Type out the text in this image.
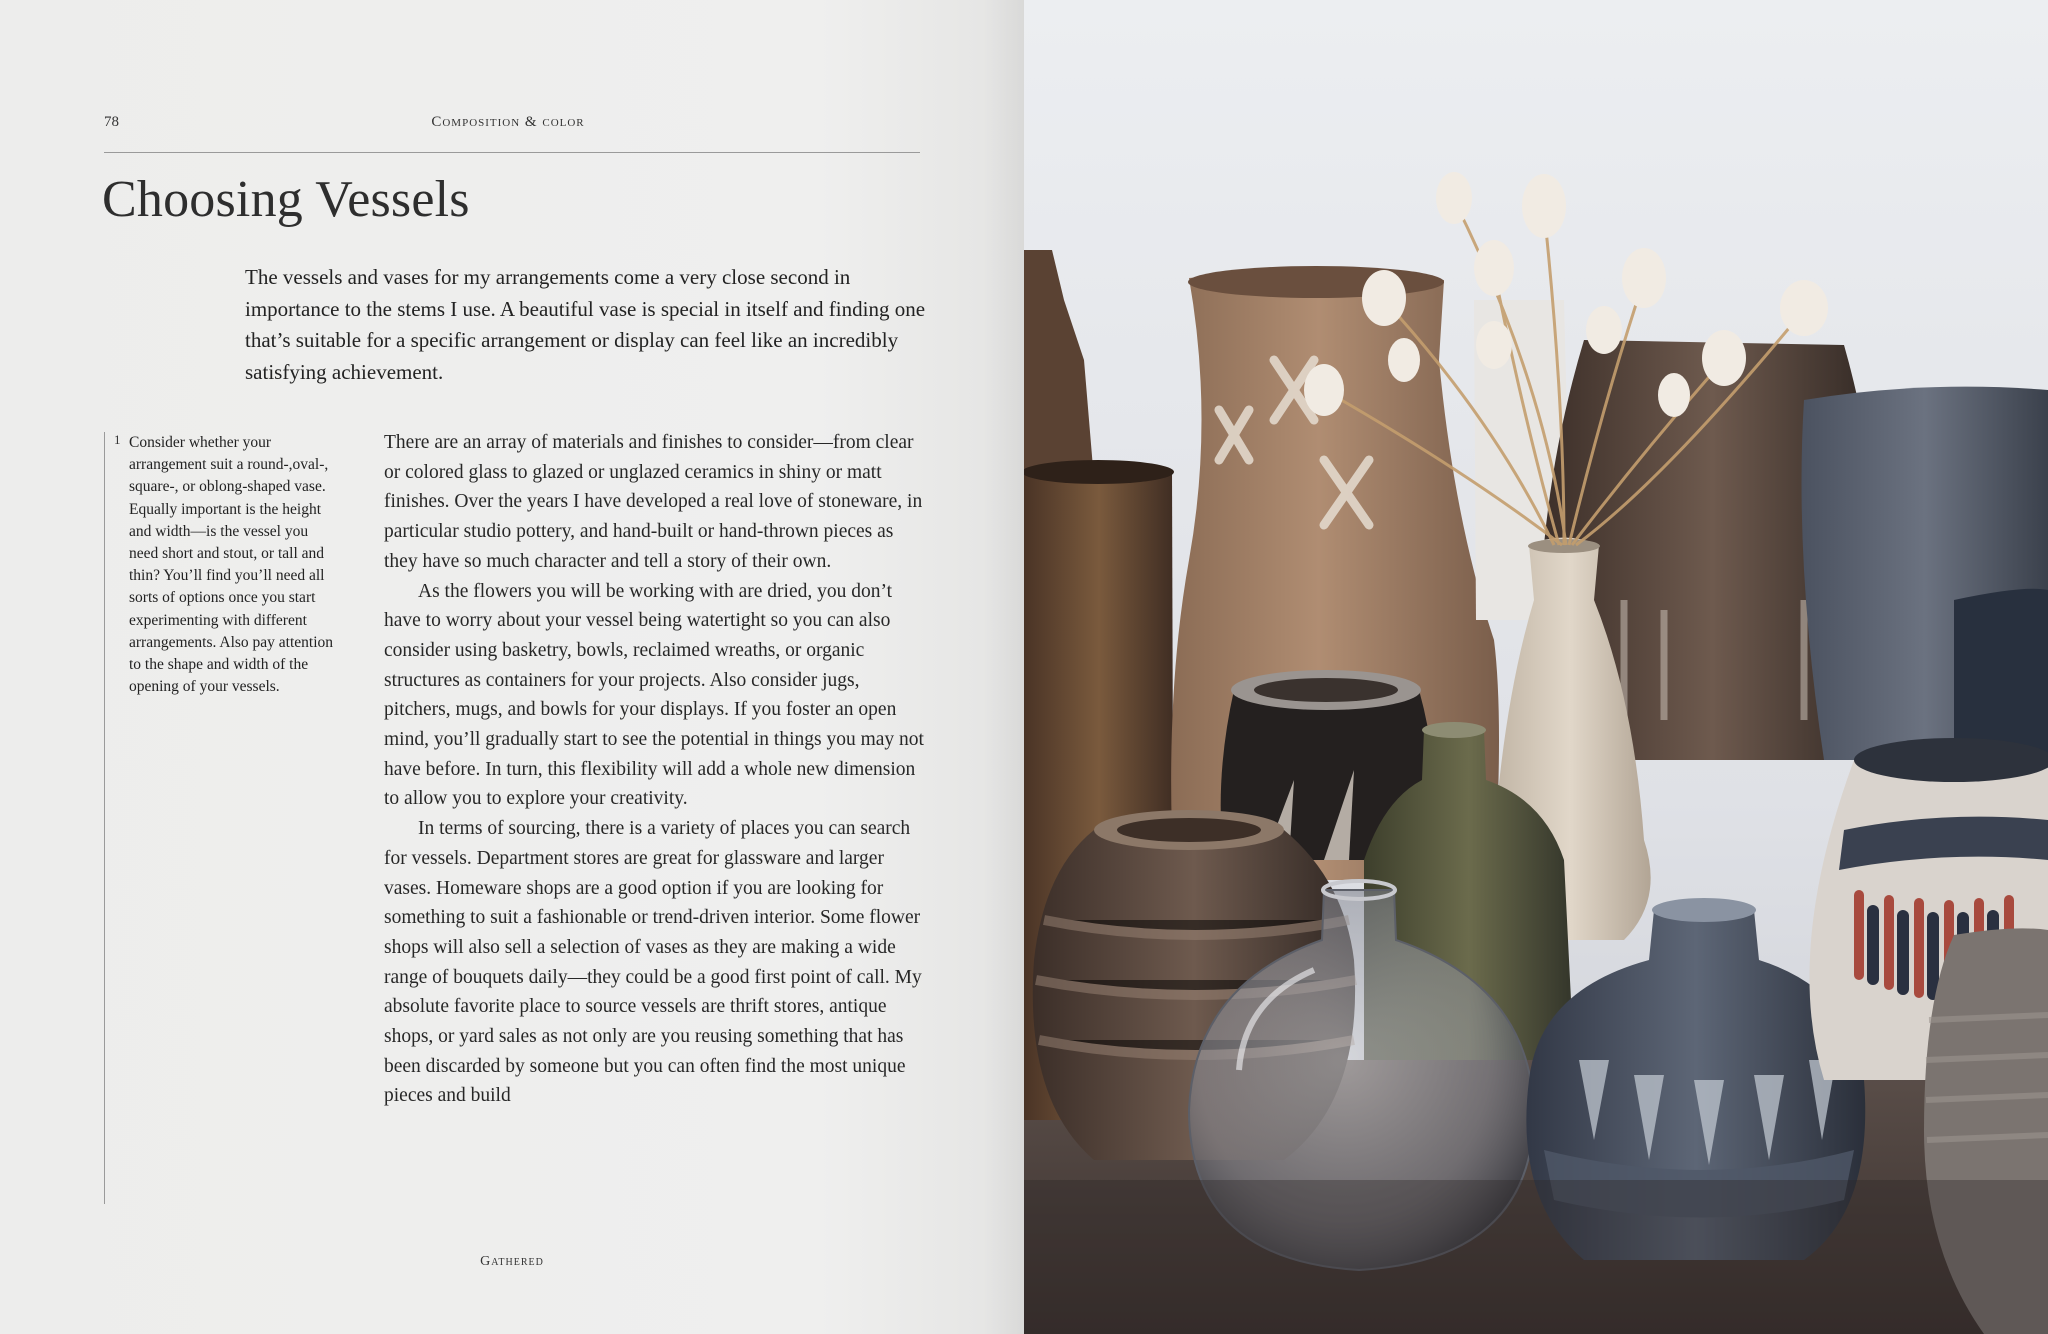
78	Composition & color
Choosing Vessels

The vessels and vases for my arrangements come a very close second in importance to the stems I use. A beautiful vase is special in itself and finding one that’s suitable for a specific arrangement or display can feel like an incredibly satisfying achievement.

1 Consider whether your arrangement suit a round-,oval-, square-, or oblong-shaped vase. Equally important is the height and width—is the vessel you need short and stout, or tall and thin? You’ll find you’ll need all sorts of options once you start experimenting with different arrangements. Also pay attention to the shape and width of the opening of your vessels.

There are an array of materials and finishes to consider—from clear or colored glass to glazed or unglazed ceramics in shiny or matt finishes. Over the years I have developed a real love of stoneware, in particular studio pottery, and hand-built or hand-thrown pieces as they have so much character and tell a story of their own.

As the flowers you will be working with are dried, you don’t have to worry about your vessel being watertight so you can also consider using basketry, bowls, reclaimed wreaths, or organic structures as containers for your projects. Also consider jugs, pitchers, mugs, and bowls for your displays. If you foster an open mind, you’ll gradually start to see the potential in things you may not have before. In turn, this flexibility will add a whole new dimension to allow you to explore your creativity.

In terms of sourcing, there is a variety of places you can search for vessels. Department stores are great for glassware and larger vases. Homeware shops are a good option if you are looking for something to suit a fashionable or trend-driven interior. Some flower shops will also sell a selection of vases as they are making a wide range of bouquets daily—they could be a good first point of call. My absolute favorite place to source vessels are thrift stores, antique shops, or yard sales as not only are you reusing something that has been discarded by someone but you can often find the most unique pieces and build

Gathered
